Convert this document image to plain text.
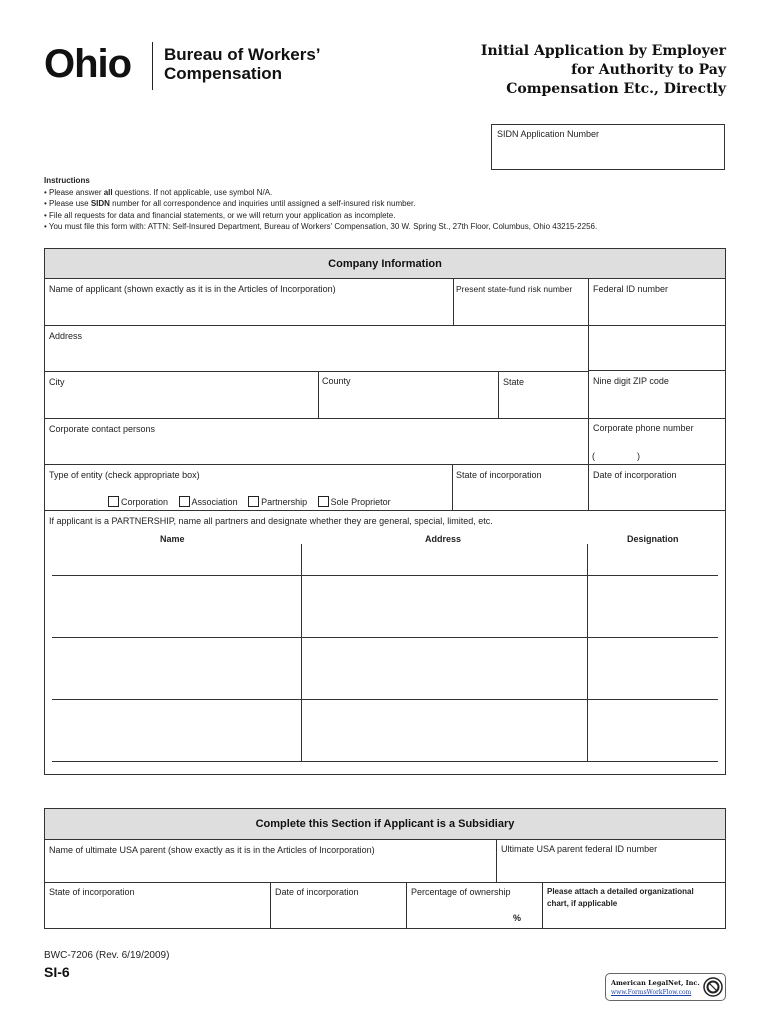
Ohio Bureau of Workers’
Compensation
Initial Application by Employer
for Authority to Pay
Compensation Etc., Directly
SIDN Application Number
Instructions
• Please answer all questions. If not applicable, use symbol N/A.
• Please use SIDN number for all correspondence and inquiries until assigned a self-insured risk number.
• File all requests for data and financial statements, or we will return your application as incomplete.
• You must file this form with: ATTN: Self-Insured Department, Bureau of Workers' Compensation, 30 W. Spring St., 27th Floor, Columbus, Ohio 43215-2256.
Company Information
Name of applicant (shown exactly as it is in the Articles of Incorporation)	Present state-fund risk number Federal ID number
Address
City	County	State	Nine digit ZIP code
Corporate contact persons	Corporate phone number
(	)
Type of entity (check appropriate box)
Corporation	Association	Partnership	Sole Proprietor
State of incorporation	Date of incorporation
If applicant is a PARTNERSHIP, name all partners and designate whether they are general, special, limited, etc.
Name	Address	Designation
Complete this Section if Applicant is a Subsidiary
Name of ultimate USA parent (show exactly as it is in the Articles of Incorporation)	Ultimate USA parent federal ID number
State of incorporation	Date of incorporation	Percentage of ownership
%
Please attach a detailed organizational chart, if applicable
BWC-7206 (Rev. 6/19/2009)
SI-6
American LegalNet, Inc.
www.FormsWorkFlow.com
